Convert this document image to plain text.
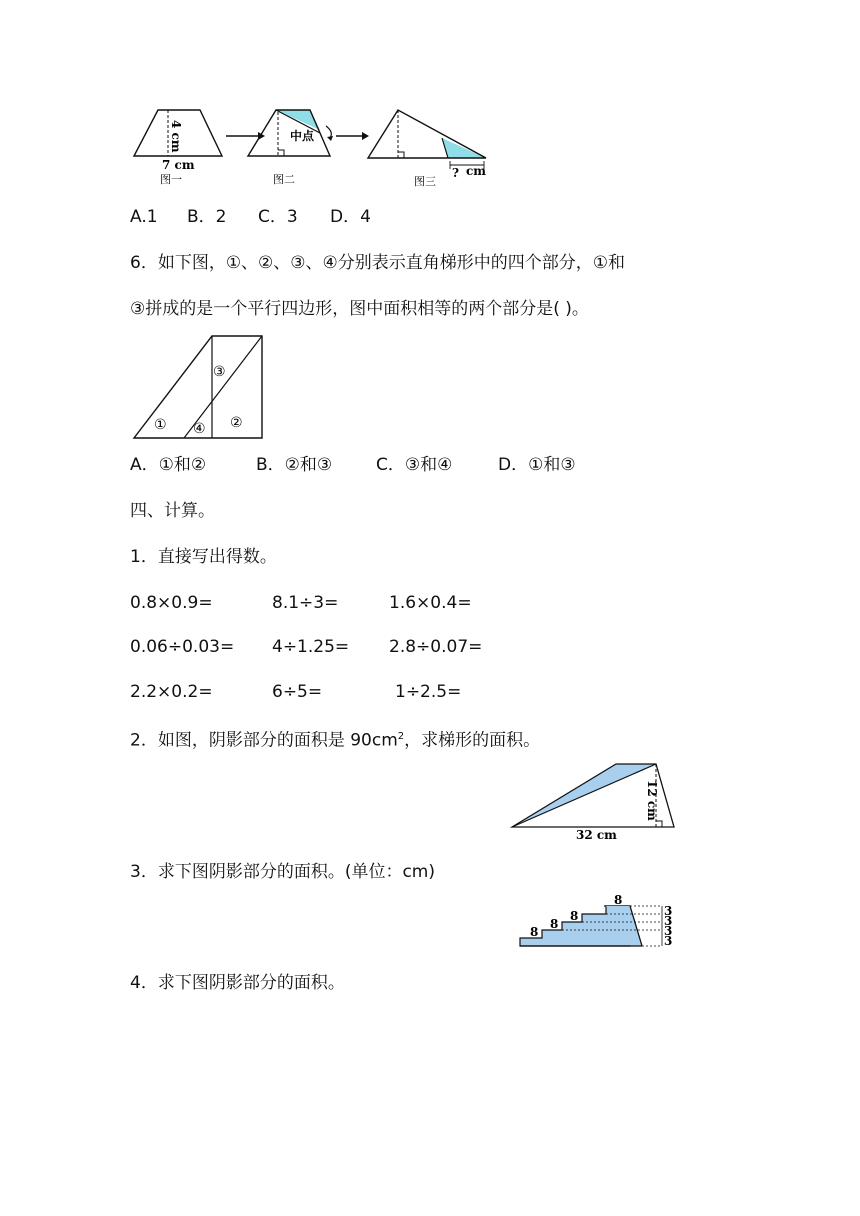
4 cm
7 cm
图一
中点
图二	? cm
图三
A.1 B．2 C．3 D．4
6．如下图，①、②、③、④分别表示直角梯形中的四个部分，①和
③拼成的是一个平行四边形，图中面积相等的两个部分是( )。
①	②
③
④
A．①和②	B．②和③	C．③和④	D．①和③
四、计算。
1．直接写出得数。
0.8×0.9=	8.1÷3=	1.6×0.4=
0.06÷0.03= 4÷1.25= 2.8÷0.07=
2.2×0.2=	6÷5=	1÷2.5=
2．如图，阴影部分的面积是 $90cm^2$，求梯形的面积。
12 cm
32 cm
3．求下图阴影部分的面积。(单位：cm)
8
8
8
8
3
3
3
3
4．求下图阴影部分的面积。
